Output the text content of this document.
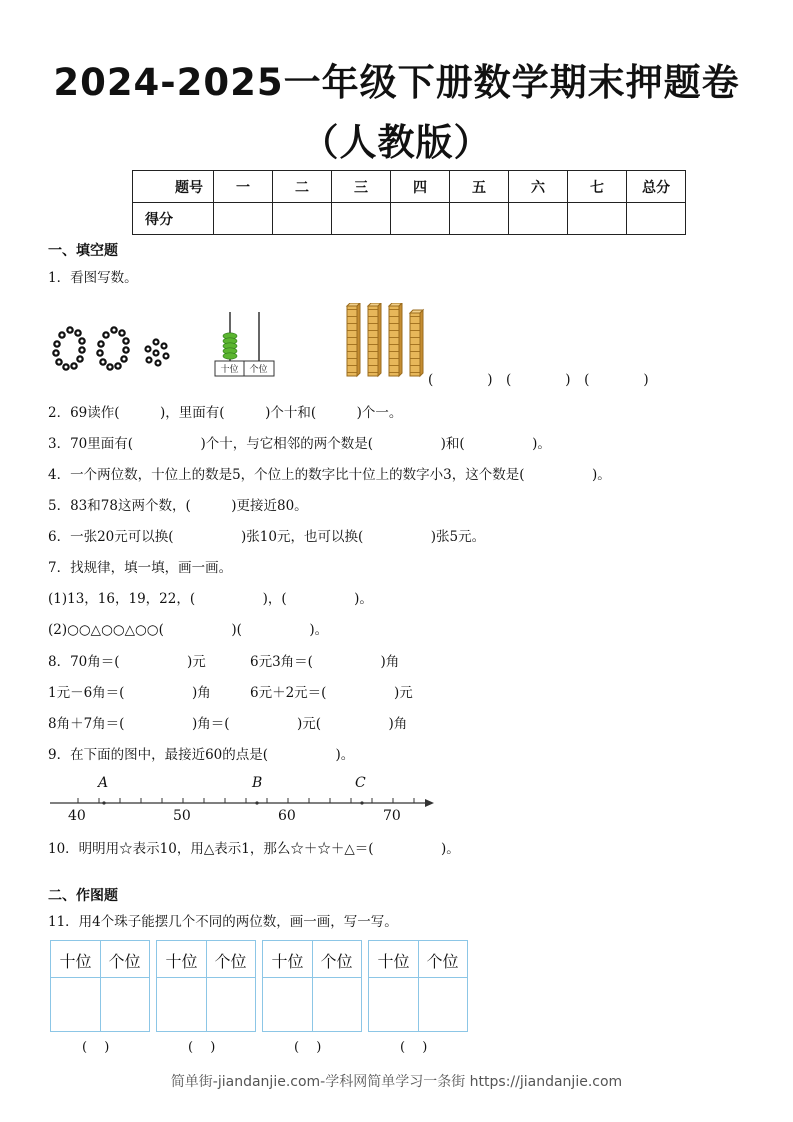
2024-2025一年级下册数学期末押题卷
（人教版）
题号	一	二	三	四	五	六	七	总分
得分								
一、填空题
1．看图写数。
十位	个位
(　　　　)　(　　　　)　(　　　　)
2．69读作(　　　)，里面有(　　　)个十和(　　　)个一。
3．70里面有(　　　　　)个十，与它相邻的两个数是(　　　　　)和(　　　　　)。
4．一个两位数，十位上的数是5，个位上的数字比十位上的数字小3，这个数是(　　　　　)。
5．83和78这两个数，(　　　)更接近80。
6．一张20元可以换(　　　　　)张10元，也可以换(　　　　　)张5元。
7．找规律，填一填，画一画。
(1)13，16，19，22，(　　　　　)，(　　　　　)。
(2)○○△○○△○○(　　　　　)(　　　　　)。
8．70角＝(　　　　　)元	6元3角＝(　　　　　)角
1元－6角＝(　　　　　)角	6元＋2元＝(　　　　　)元
8角＋7角＝(　　　　　)角＝(　　　　　)元(　　　　　)角
9．在下面的图中，最接近60的点是(　　　　　)。
A	B	C
40	50	60	70
10．明明用☆表示10，用△表示1，那么☆＋☆＋△＝(　　　　　)。
二、作图题
11．用4个珠子能摆几个不同的两位数，画一画，写一写。
十位	个位	十位	个位	十位	个位	十位	个位
(　 )	(　 )	(　 )	(　 )
简单街-jiandanjie.com-学科网简单学习一条街 https://jiandanjie.com
